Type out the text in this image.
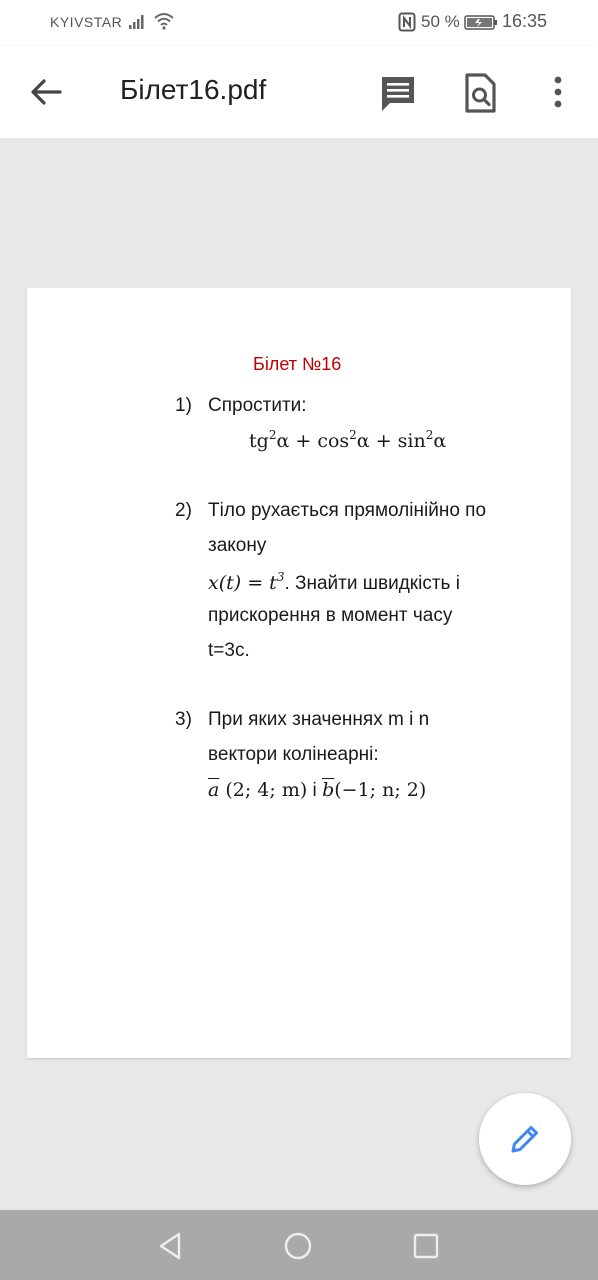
KYIVSTAR	50 % 16:35
Білет16.pdf
Білет №16
1) Спростити:
$tg^2\alpha + \cos^2\alpha + \sin^2\alpha$
2) Тіло рухається прямолінійно по
закону
$x(t) = t^3$. Знайти швидкість і
прискорення в момент часу
t=3c.
3) При яких значеннях m і n
вектори колінеарні:
$\overline{a}$ (2; 4; m) і $\overline{b}(-1$; n; 2)
